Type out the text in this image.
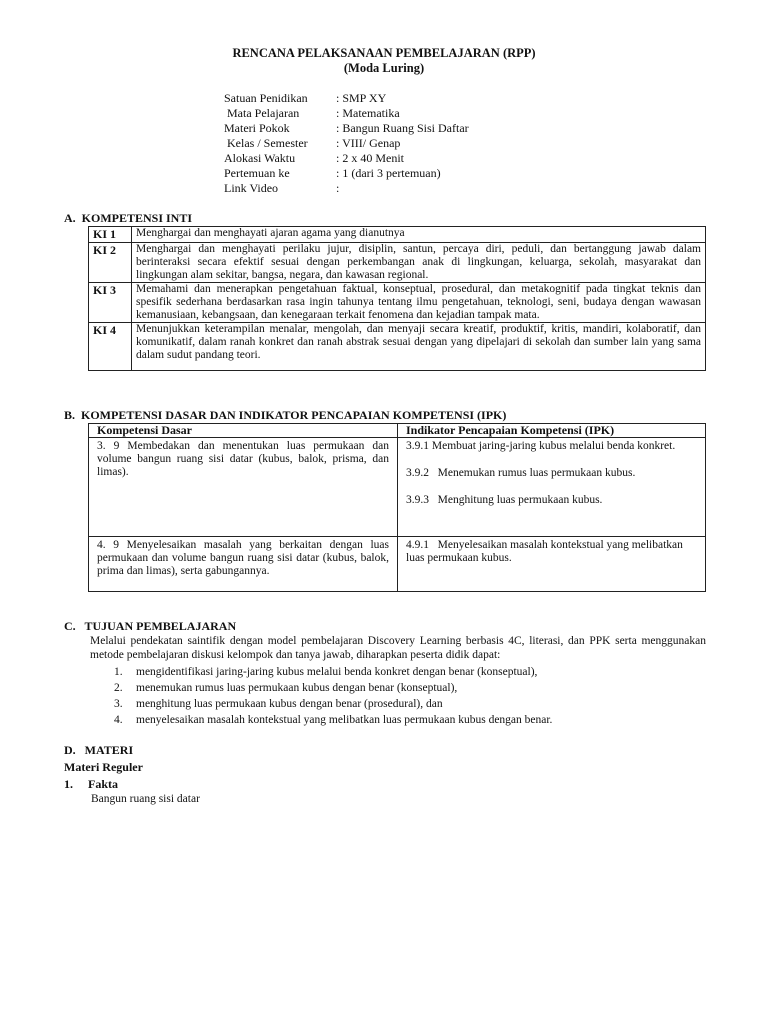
RENCANA PELAKSANAAN PEMBELAJARAN (RPP)
(Moda Luring)
Satuan Penidikan : SMP XY
Mata Pelajaran	: Matematika
Materi Pokok	: Bangun Ruang Sisi Daftar
Kelas / Semester : VIII/ Genap
Alokasi Waktu	: 2 x 40 Menit
Pertemuan ke	: 1 (dari 3 pertemuan)
Link Video	:
A.  KOMPETENSI INTI
KI 1	Menghargai dan menghayati ajaran agama yang dianutnya
KI 2	Menghargai dan menghayati perilaku jujur, disiplin, santun, percaya diri, peduli, dan bertanggung jawab dalam berinteraksi secara efektif sesuai dengan perkembangan anak di lingkungan, keluarga, sekolah, masyarakat dan lingkungan alam sekitar, bangsa, negara, dan kawasan regional.
KI 3	Memahami dan menerapkan pengetahuan faktual, konseptual, prosedural, dan metakognitif pada tingkat teknis dan spesifik sederhana berdasarkan rasa ingin tahunya tentang ilmu pengetahuan, teknologi, seni, budaya dengan wawasan kemanusiaan, kebangsaan, dan kenegaraan terkait fenomena dan kejadian tampak mata.
KI 4	Menunjukkan keterampilan menalar, mengolah, dan menyaji secara kreatif, produktif, kritis, mandiri, kolaboratif, dan komunikatif, dalam ranah konkret dan ranah abstrak sesuai dengan yang dipelajari di sekolah dan sumber lain yang sama dalam sudut pandang teori.
B.  KOMPETENSI DASAR DAN INDIKATOR PENCAPAIAN KOMPETENSI (IPK)
Kompetensi Dasar	Indikator Pencapaian Kompetensi (IPK)
3. 9 Membedakan dan menentukan luas permukaan dan volume bangun ruang sisi datar (kubus, balok, prisma, dan limas).	3.9.1 Membuat jaring-jaring kubus melalui benda konkret.
3.9.2   Menemukan rumus luas permukaan kubus.
3.9.3   Menghitung luas permukaan kubus.

4. 9 Menyelesaikan masalah yang berkaitan dengan luas permukaan dan volume bangun ruang sisi datar (kubus, balok, prima dan limas), serta gabungannya.	4.9.1   Menyelesaikan masalah kontekstual yang melibatkan luas permukaan kubus.
C.   TUJUAN PEMBELAJARAN
Melalui pendekatan saintifik dengan model pembelajaran Discovery Learning berbasis 4C, literasi, dan PPK serta menggunakan metode pembelajaran diskusi kelompok dan tanya jawab, diharapkan peserta didik dapat:
1. mengidentifikasi jaring-jaring kubus melalui benda konkret dengan benar (konseptual),
2. menemukan rumus luas permukaan kubus dengan benar (konseptual),
3. menghitung luas permukaan kubus dengan benar (prosedural), dan
4. menyelesaikan masalah kontekstual yang melibatkan luas permukaan kubus dengan benar.
D.   MATERI
Materi Reguler
1.     Fakta
Bangun ruang sisi datar
